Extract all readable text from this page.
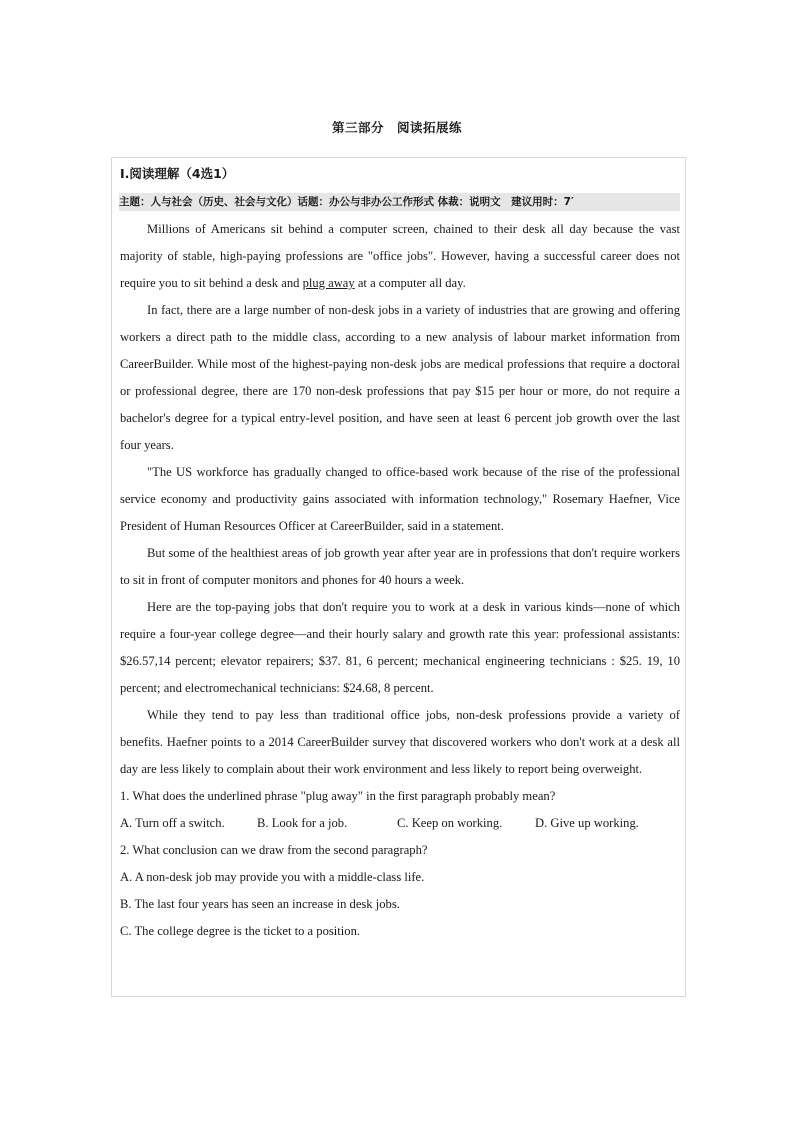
第三部分　阅读拓展练
Ⅰ.阅读理解（4选1）
主题：人与社会（历史、社会与文化）话题：办公与非办公工作形式 体裁：说明文　建议用时：7′

Millions of Americans sit behind a computer screen, chained to their desk all day because the vast majority of stable, high-paying professions are "office jobs". However, having a successful career does not require you to sit behind a desk and plug away at a computer all day.

In fact, there are a large number of non-desk jobs in a variety of industries that are growing and offering workers a direct path to the middle class, according to a new analysis of labour market information from CareerBuilder. While most of the highest-paying non-desk jobs are medical professions that require a doctoral or professional degree, there are 170 non-desk professions that pay $15 per hour or more, do not require a bachelor's degree for a typical entry-level position, and have seen at least 6 percent job growth over the last four years.

"The US workforce has gradually changed to office-based work because of the rise of the professional service economy and productivity gains associated with information technology," Rosemary Haefner, Vice President of Human Resources Officer at CareerBuilder, said in a statement.

But some of the healthiest areas of job growth year after year are in professions that don't require workers to sit in front of computer monitors and phones for 40 hours a week.

Here are the top-paying jobs that don't require you to work at a desk in various kinds—none of which require a four-year college degree—and their hourly salary and growth rate this year: professional assistants: $26.57,14 percent; elevator repairers; $37. 81, 6 percent; mechanical engineering technicians : $25. 19, 10 percent; and electromechanical technicians: $24.68, 8 percent.

While they tend to pay less than traditional office jobs, non-desk professions provide a variety of benefits. Haefner points to a 2014 CareerBuilder survey that discovered workers who don't work at a desk all day are less likely to complain about their work environment and less likely to report being overweight.

1. What does the underlined phrase "plug away" in the first paragraph probably mean?

A. Turn off a switch.	B. Look for a job.	C. Keep on working.	D. Give up working.

2. What conclusion can we draw from the second paragraph?

A. A non-desk job may provide you with a middle-class life.

B. The last four years has seen an increase in desk jobs.

C. The college degree is the ticket to a position.
